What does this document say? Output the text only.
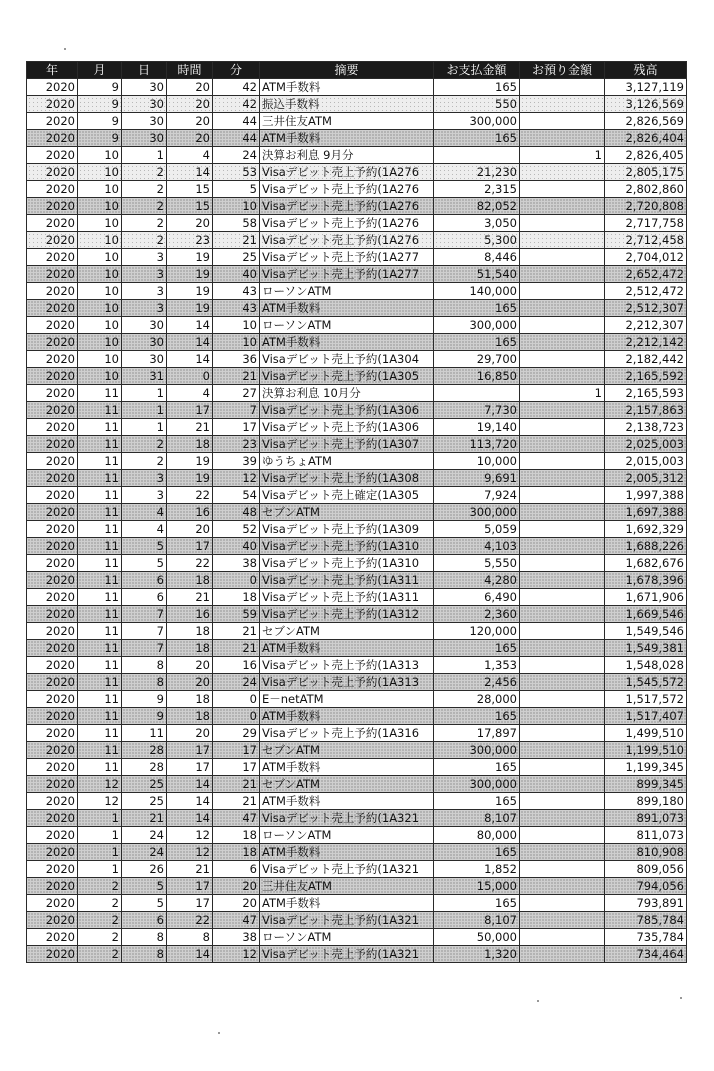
年	月	日	時間	分	摘要	お支払金額	お預り金額	残高
2020	9	30	20	42	ATM手数料	165		3,127,119
2020	9	30	20	42	振込手数料	550		3,126,569
2020	9	30	20	44	三井住友ATM	300,000		2,826,569
2020	9	30	20	44	ATM手数料	165		2,826,404
2020	10	1	4	24	決算お利息 9月分		1	2,826,405
2020	10	2	14	53	Visaデビット売上予約(1A276	21,230		2,805,175
2020	10	2	15	5	Visaデビット売上予約(1A276	2,315		2,802,860
2020	10	2	15	10	Visaデビット売上予約(1A276	82,052		2,720,808
2020	10	2	20	58	Visaデビット売上予約(1A276	3,050		2,717,758
2020	10	2	23	21	Visaデビット売上予約(1A276	5,300		2,712,458
2020	10	3	19	25	Visaデビット売上予約(1A277	8,446		2,704,012
2020	10	3	19	40	Visaデビット売上予約(1A277	51,540		2,652,472
2020	10	3	19	43	ローソンATM	140,000		2,512,472
2020	10	3	19	43	ATM手数料	165		2,512,307
2020	10	30	14	10	ローソンATM	300,000		2,212,307
2020	10	30	14	10	ATM手数料	165		2,212,142
2020	10	30	14	36	Visaデビット売上予約(1A304	29,700		2,182,442
2020	10	31	0	21	Visaデビット売上予約(1A305	16,850		2,165,592
2020	11	1	4	27	決算お利息 10月分		1	2,165,593
2020	11	1	17	7	Visaデビット売上予約(1A306	7,730		2,157,863
2020	11	1	21	17	Visaデビット売上予約(1A306	19,140		2,138,723
2020	11	2	18	23	Visaデビット売上予約(1A307	113,720		2,025,003
2020	11	2	19	39	ゆうちょATM	10,000		2,015,003
2020	11	3	19	12	Visaデビット売上予約(1A308	9,691		2,005,312
2020	11	3	22	54	Visaデビット売上確定(1A305	7,924		1,997,388
2020	11	4	16	48	セブンATM	300,000		1,697,388
2020	11	4	20	52	Visaデビット売上予約(1A309	5,059		1,692,329
2020	11	5	17	40	Visaデビット売上予約(1A310	4,103		1,688,226
2020	11	5	22	38	Visaデビット売上予約(1A310	5,550		1,682,676
2020	11	6	18	0	Visaデビット売上予約(1A311	4,280		1,678,396
2020	11	6	21	18	Visaデビット売上予約(1A311	6,490		1,671,906
2020	11	7	16	59	Visaデビット売上予約(1A312	2,360		1,669,546
2020	11	7	18	21	セブンATM	120,000		1,549,546
2020	11	7	18	21	ATM手数料	165		1,549,381
2020	11	8	20	16	Visaデビット売上予約(1A313	1,353		1,548,028
2020	11	8	20	24	Visaデビット売上予約(1A313	2,456		1,545,572
2020	11	9	18	0	E－netATM	28,000		1,517,572
2020	11	9	18	0	ATM手数料	165		1,517,407
2020	11	11	20	29	Visaデビット売上予約(1A316	17,897		1,499,510
2020	11	28	17	17	セブンATM	300,000		1,199,510
2020	11	28	17	17	ATM手数料	165		1,199,345
2020	12	25	14	21	セブンATM	300,000		899,345
2020	12	25	14	21	ATM手数料	165		899,180
2020	1	21	14	47	Visaデビット売上予約(1A321	8,107		891,073
2020	1	24	12	18	ローソンATM	80,000		811,073
2020	1	24	12	18	ATM手数料	165		810,908
2020	1	26	21	6	Visaデビット売上予約(1A321	1,852		809,056
2020	2	5	17	20	三井住友ATM	15,000		794,056
2020	2	5	17	20	ATM手数料	165		793,891
2020	2	6	22	47	Visaデビット売上予約(1A321	8,107		785,784
2020	2	8	8	38	ローソンATM	50,000		735,784
2020	2	8	14	12	Visaデビット売上予約(1A321	1,320		734,464
